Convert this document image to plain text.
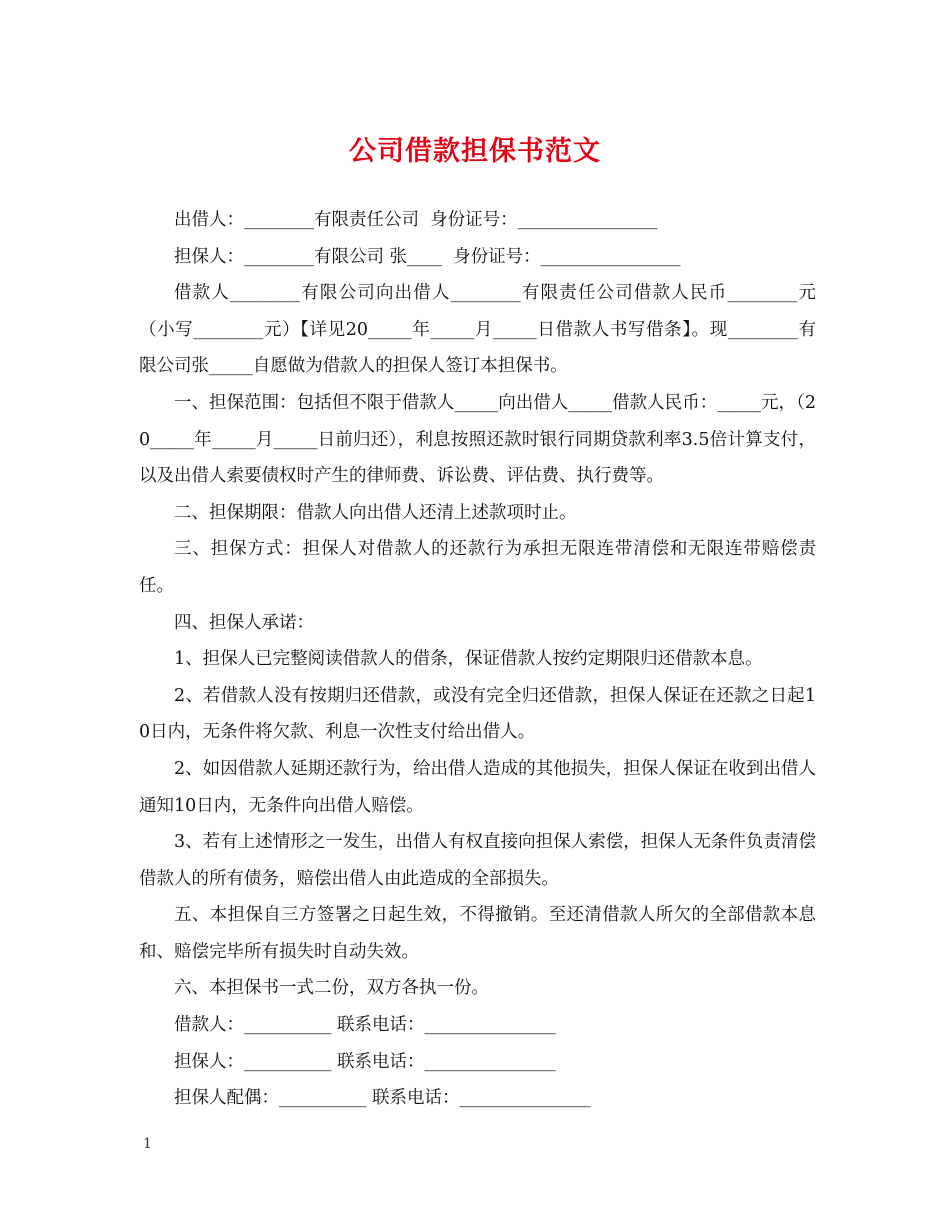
公司借款担保书范文

出借人：________有限责任公司  身份证号：________________

担保人：________有限公司 张____  身份证号：________________

借款人________有限公司向出借人________有限责任公司借款人民币________元（小写________元）【详见20_____年_____月_____日借款人书写借条】。现________有限公司张_____自愿做为借款人的担保人签订本担保书。

一、担保范围：包括但不限于借款人_____向出借人_____借款人民币：_____元，（20_____年_____月_____日前归还），利息按照还款时银行同期贷款利率3.5倍计算支付，以及出借人索要债权时产生的律师费、诉讼费、评估费、执行费等。

二、担保期限：借款人向出借人还清上述款项时止。

三、担保方式：担保人对借款人的还款行为承担无限连带清偿和无限连带赔偿责任。

四、担保人承诺：

1、担保人已完整阅读借款人的借条，保证借款人按约定期限归还借款本息。

2、若借款人没有按期归还借款，或没有完全归还借款，担保人保证在还款之日起10日内，无条件将欠款、利息一次性支付给出借人。

2、如因借款人延期还款行为，给出借人造成的其他损失，担保人保证在收到出借人通知10日内，无条件向出借人赔偿。

3、若有上述情形之一发生，出借人有权直接向担保人索偿，担保人无条件负责清偿借款人的所有债务，赔偿出借人由此造成的全部损失。

五、本担保自三方签署之日起生效，不得撤销。至还清借款人所欠的全部借款本息和、赔偿完毕所有损失时自动失效。

六、本担保书一式二份，双方各执一份。

借款人：__________ 联系电话：_______________

担保人：__________ 联系电话：_______________

担保人配偶：__________ 联系电话：_______________

1
